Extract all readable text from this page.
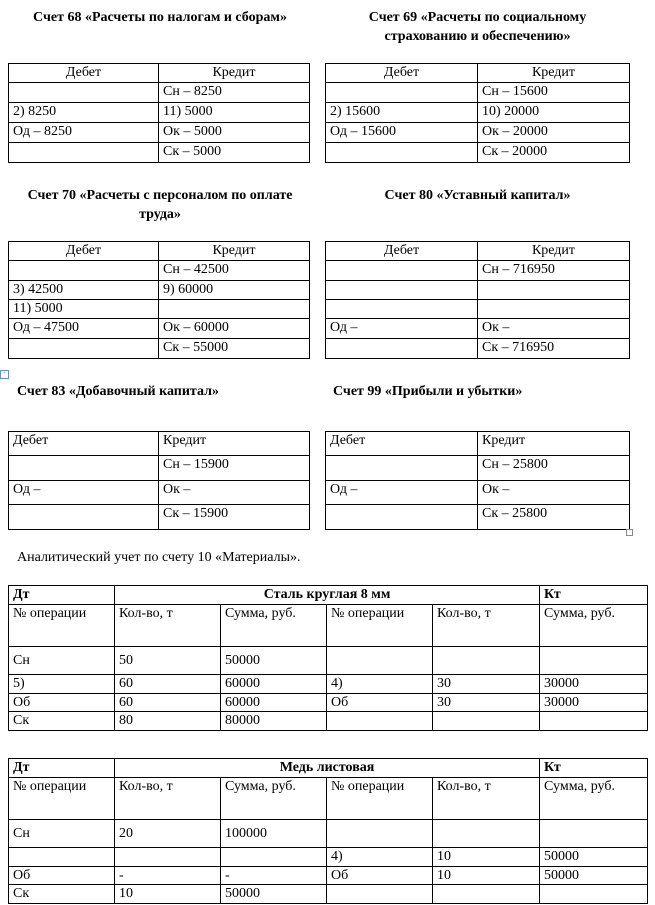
Счет 68 «Расчеты по налогам и сборам»

Дебет	Кредит
	Сн – 8250
2) 8250	11) 5000
Од – 8250	Ок – 5000
	Ск – 5000

Счет 69 «Расчеты по социальному страхованию и обеспечению»

Дебет	Кредит
	Сн – 15600
2) 15600	10) 20000
Од – 15600	Ок – 20000
	Ск – 20000

Счет 70 «Расчеты с персоналом по оплате труда»

Дебет	Кредит
	Сн – 42500
3) 42500	9) 60000
11) 5000	
Од – 47500	Ок – 60000
	Ск – 55000

Счет 80 «Уставный капитал»

Дебет	Кредит
	Сн – 716950

Од –	Ок –
	Ск – 716950
+

Счет 83 «Добавочный капитал»

Дебет	Кредит
	Сн – 15900
Од –	Ок –
	Ск – 15900

Счет 99 «Прибыли и убытки»

Дебет	Кредит
	Сн – 25800
Од –	Ок –
	Ск – 25800

Аналитический учет по счету 10 «Материалы».

Дт	Сталь круглая 8 мм				Кт
№ операции	Кол-во, т	Сумма, руб.	№ операции	Кол-во, т	Сумма, руб.
Сн	50	50000			
5)	60	60000	4)	30	30000
Об	60	60000	Об	30	30000
Ск	80	80000			
Дт	Медь листовая				Кт
№ операции	Кол-во, т	Сумма, руб.	№ операции	Кол-во, т	Сумма, руб.
Сн	20	100000			
			4)	10	50000
Об	-	-	Об	10	50000
Ск	10	50000			
